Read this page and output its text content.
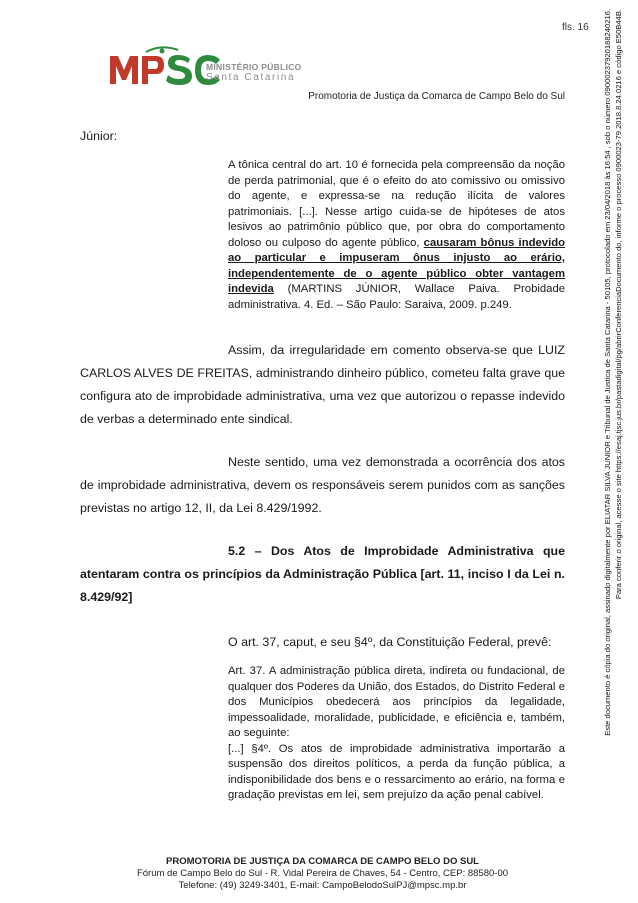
fls. 16
MINISTÉRIO PÚBLICO
Santa Catarina
Promotoria de Justiça da Comarca de Campo Belo do Sul

Júnior:

A tônica central do art. 10 é fornecida pela compreensão da noção de perda patrimonial, que é o efeito do ato comissivo ou omissivo do agente, e expressa-se na redução ilícita de valores patrimoniais. [...]. Nesse artigo cuida-se de hipóteses de atos lesivos ao patrimônio público que, por obra do comportamento doloso ou culposo do agente público, causaram bônus indevido ao particular e impuseram ônus injusto ao erário, independentemente de o agente público obter vantagem indevida (MARTINS JÚNIOR, Wallace Paiva. Probidade administrativa. 4. Ed. – São Paulo: Saraiva, 2009. p.249.

Assim, da irregularidade em comento observa-se que LUIZ CARLOS ALVES DE FREITAS, administrando dinheiro público, cometeu falta grave que configura ato de improbidade administrativa, uma vez que autorizou o repasse indevido de verbas a determinado ente sindical.

Neste sentido, uma vez demonstrada a ocorrência dos atos de improbidade administrativa, devem os responsáveis serem punidos com as sanções previstas no artigo 12, II, da Lei 8.429/1992.

5.2 – Dos Atos de Improbidade Administrativa que atentaram contra os princípios da Administração Pública [art. 11, inciso I da Lei n. 8.429/92]

O art. 37, caput, e seu §4º, da Constituição Federal, prevê:

Art. 37. A administração pública direta, indireta ou fundacional, de qualquer dos Poderes da União, dos Estados, do Distrito Federal e dos Municípios obedecerá aos princípios da legalidade, impessoalidade, moralidade, publicidade, e eficiência e, também, ao seguinte:

[...] §4º. Os atos de improbidade administrativa importarão a suspensão dos direitos políticos, a perda da função pública, a indisponibilidade dos bens e o ressarcimento ao erário, na forma e gradação previstas em lei, sem prejuízo da ação penal cabível.

PROMOTORIA DE JUSTIÇA DA COMARCA DE CAMPO BELO DO SUL
Fórum de Campo Belo do Sul - R. Vidal Pereira de Chaves, 54 - Centro, CEP: 88580-00
Telefone: (49) 3249-3401, E-mail: CampoBelodoSulPJ@mpsc.mp.br
Este documento é cópia do original, assinado digitalmente por ELIATAR SILVA JUNIOR e Tribunal de Justica de Santa Catarina - 50105, protocolado em 23/04/2018 às 16:54 , sob o número 09000237920188240216. Para conferir o original, acesse o site https://esaj.tjsc.jus.br/pastadigital/pg/abrirConferenciaDocumento.do, informe o processo 0900023-79.2018.8.24.0216 e código E50B44B.
